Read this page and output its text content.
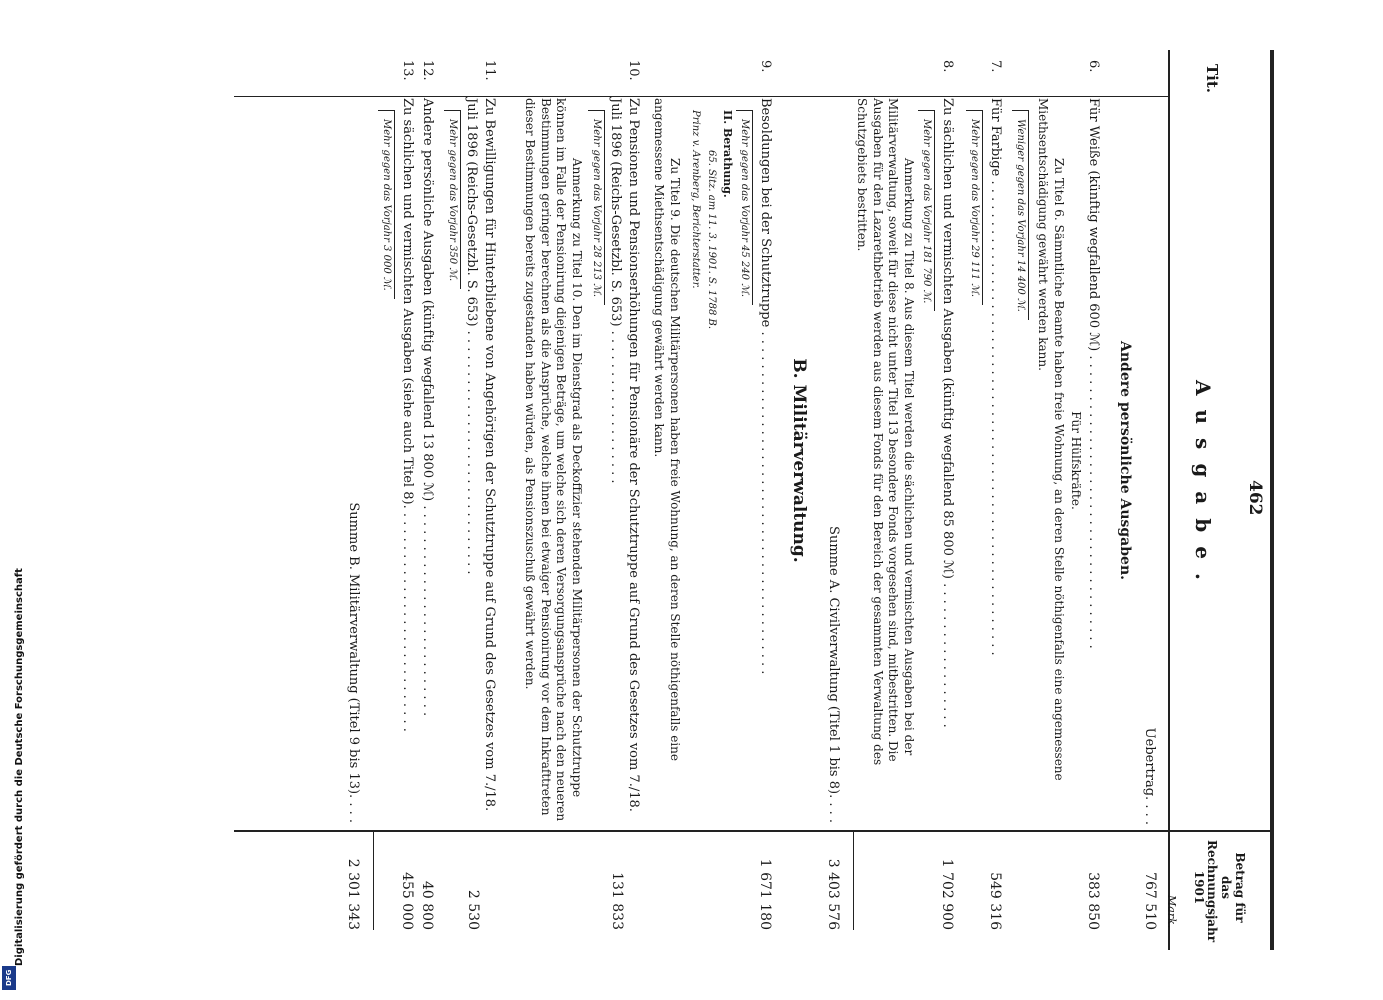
DFG
Digitalisierung gefördert durch die Deutsche Forschungsgemeinschaft
462
Ausgabe.
Tit.
Betrag für das Rechnungsjahr 1901
Mark.
Uebertrag. . . .
767 510
Andere persönliche Ausgaben.
6.
Für Weiße (künftig wegfallend 600 ℳ) . . . . . . . . . . . . . . . . . . . . . . . . . . . . . . . . . . . .
383 850
Für Hülfskräfte.
Zu Titel 6. Sämmtliche Beamte haben freie Wohnung, an deren Stelle nöthigenfalls eine angemessene Miethsentschädigung gewährt werden kann.
Weniger gegen das Vorjahr 14 400 ℳ.
7.
Für Farbige . . . . . . . . . . . . . . . . . . . . . . . . . . . . . . . . . . . . . . . . . . . . . . . . . . . . . . . . . .
549 316
Mehr gegen das Vorjahr 29 111 ℳ.
8.
Zu sächlichen und vermischten Ausgaben (künftig wegfallend 85 800 ℳ) . . . . . . . . . . . . . . . . . .
1 702 900
Mehr gegen das Vorjahr 181 790 ℳ.
Anmerkung zu Titel 8. Aus diesem Titel werden die sächlichen und vermischten Ausgaben bei der Militärverwaltung, soweit für diese nicht unter Titel 13 besondere Fonds vorgesehen sind, mitbestritten. Die Ausgaben für den Lazarethbetrieb werden aus diesem Fonds für den Bereich der gesammten Verwaltung des Schutzgebiets bestritten.
Summe A. Civilverwaltung (Titel 1 bis 8). . . .
3 403 576
B. Militärverwaltung.
9.
Besoldungen bei der Schutztruppe . . . . . . . . . . . . . . . . . . . . . . . . . . . . . . . . . . . . . . . . . .
1 671 180
Mehr gegen das Vorjahr 45 240 ℳ.
II. Berathung.
65. Sitz. am 11. 3. 1901. S. 1788 B.
Prinz v. Arenberg, Berichterstatter.
Zu Titel 9. Die deutschen Militärpersonen haben freie Wohnung, an deren Stelle nöthigenfalls eine angemessene Miethsentschädigung gewährt werden kann.
10.
Zu Pensionen und Pensionserhöhungen für Pensionäre der Schutztruppe auf Grund des Gesetzes vom 7./18. Juli 1896 (Reichs-Gesetzbl. S. 653) . . . . . . . . . . . . . . . . . . .
131 833
Mehr gegen das Vorjahr 28 213 ℳ.
Anmerkung zu Titel 10. Den im Dienstgrad als Deckoffizier stehenden Militärpersonen der Schutztruppe können im Falle der Pensionirung diejenigen Beträge, um welche sich deren Versorgungsansprüche nach den neueren Bestimmungen geringer berechnen als die Ansprüche, welche ihnen bei etwaiger Pensionirung vor dem Inkrafttreten dieser Bestimmungen bereits zugestanden haben würden, als Pensionszuschuß gewährt werden.
11.
Zu Bewilligungen für Hinterbliebene von Angehörigen der Schutztruppe auf Grund des Gesetzes vom 7./18. Juli 1896 (Reichs-Gesetzbl. S. 653) . . . . . . . . . . . . . . . . . . . . . . . . . . . . . .
2 530
Mehr gegen das Vorjahr 350 ℳ.
12.
Andere persönliche Ausgaben (künftig wegfallend 13 800 ℳ) . . . . . . . . . . . . . . . . . . . . . . . . . .
40 800
13.
Zu sächlichen und vermischten Ausgaben (siehe auch Titel 8). . . . . . . . . . . . . . . . . . . . . . . . . . . .
455 000
Mehr gegen das Vorjahr 3 000 ℳ.
Summe B. Militärverwaltung (Titel 9 bis 13). . . .
2 301 343
